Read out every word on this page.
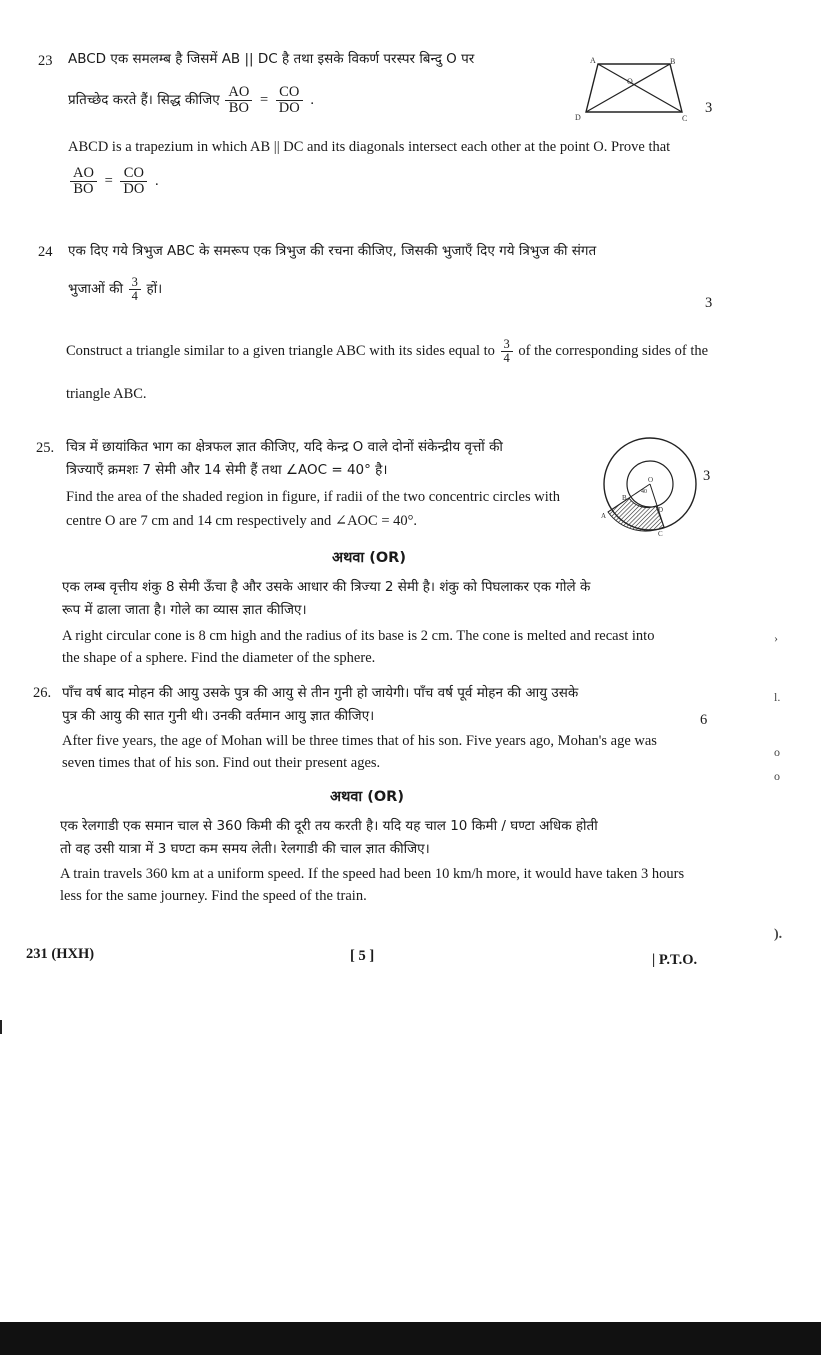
23 ABCD एक समलम्ब है जिसमें AB || DC है तथा इसके विकर्ण परस्पर बिन्दु O पर
प्रतिच्छेद करते हैं। सिद्ध कीजिए $\frac{AO}{BO} = \frac{CO}{DO}$ .	3
A	B
C
D
O
ABCD is a trapezium in which AB || DC and its diagonals intersect each other at the point O. Prove that
$\frac{AO}{BO} = \frac{CO}{DO}$ .
24 एक दिए गये त्रिभुज ABC के समरूप एक त्रिभुज की रचना कीजिए, जिसकी भुजाएँ दिए गये त्रिभुज की संगत
भुजाओं की $\frac{3}{4}$ हों।
3
Construct a triangle similar to a given triangle ABC with its sides equal to $\frac{3}{4}$ of the corresponding sides of the
triangle ABC.
25. चित्र में छायांकित भाग का क्षेत्रफल ज्ञात कीजिए, यदि केन्द्र O वाले दोनों संकेन्द्रीय वृत्तों की
त्रिज्याएँ क्रमशः 7 सेमी और 14 सेमी हैं तथा ∠AOC = 40° है।
Find the area of the shaded region in figure, if radii of the two concentric circles with
centre O are 7 cm and 14 cm respectively and ∠AOC = 40°.
3
O
40
B
A
D
C
अथवा (OR)
एक लम्ब वृत्तीय शंकु 8 सेमी ऊँचा है और उसके आधार की त्रिज्या 2 सेमी है। शंकु को पिघलाकर एक गोले के
रूप में ढाला जाता है। गोले का व्यास ज्ञात कीजिए।
A right circular cone is 8 cm high and the radius of its base is 2 cm. The cone is melted and recast into
the shape of a sphere. Find the diameter of the sphere.
26. पाँच वर्ष बाद मोहन की आयु उसके पुत्र की आयु से तीन गुनी हो जायेगी। पाँच वर्ष पूर्व मोहन की आयु उसके
पुत्र की आयु की सात गुनी थी। उनकी वर्तमान आयु ज्ञात कीजिए।	6
After five years, the age of Mohan will be three times that of his son. Five years ago, Mohan's age was
seven times that of his son. Find out their present ages.
अथवा (OR)
एक रेलगाडी एक समान चाल से 360 किमी की दूरी तय करती है। यदि यह चाल 10 किमी / घण्टा अधिक होती
तो वह उसी यात्रा में 3 घण्टा कम समय लेती। रेलगाडी की चाल ज्ञात कीजिए।
A train travels 360 km at a uniform speed. If the speed had been 10 km/h more, it would have taken 3 hours
less for the same journey. Find the speed of the train.
231 (HXH)	[ 5 ]	| P.T.O.
›
l.
o
o
).
